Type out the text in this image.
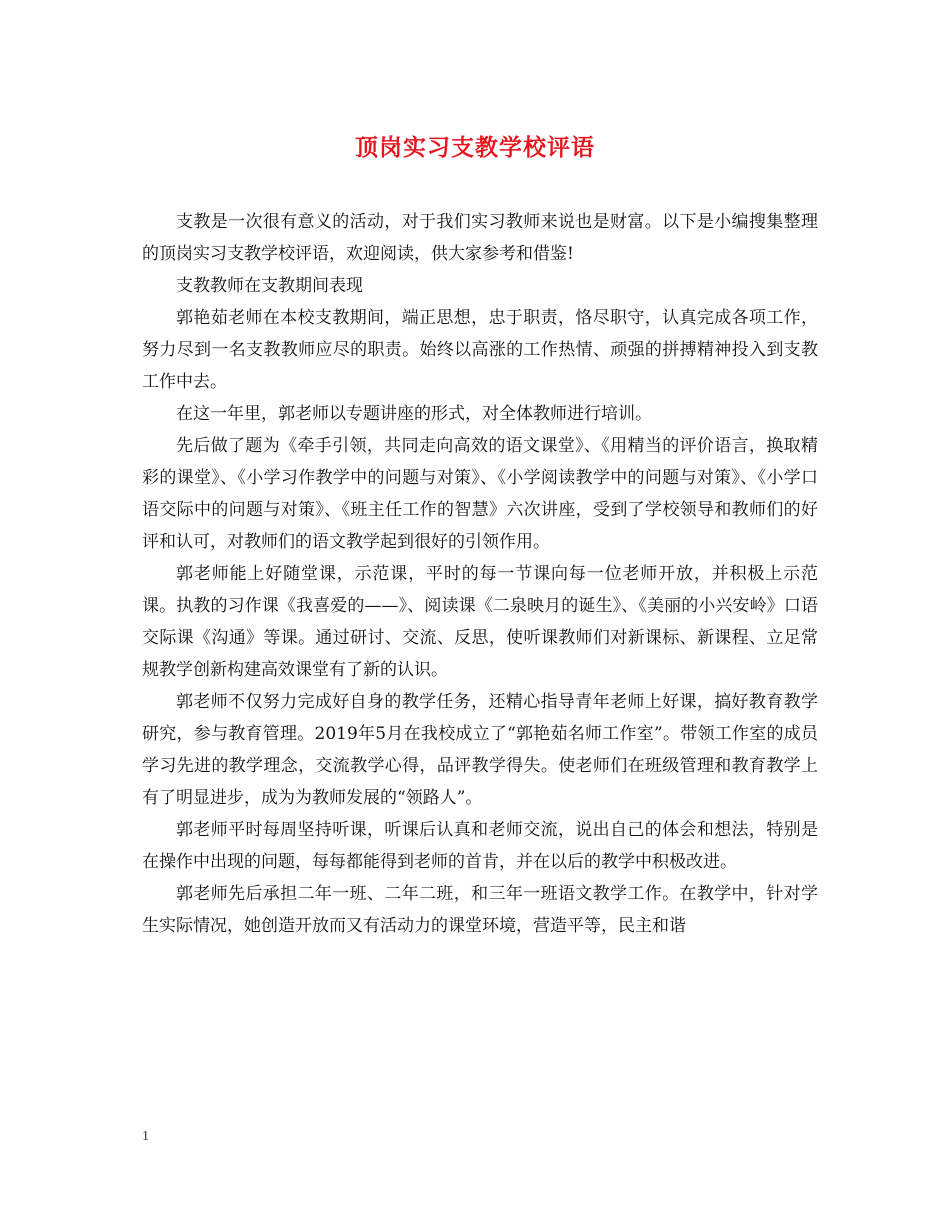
顶岗实习支教学校评语

支教是一次很有意义的活动，对于我们实习教师来说也是财富。以下是小编搜集整理的顶岗实习支教学校评语，欢迎阅读，供大家参考和借鉴!

支教教师在支教期间表现

郭艳茹老师在本校支教期间，端正思想，忠于职责，恪尽职守，认真完成各项工作，努力尽到一名支教教师应尽的职责。始终以高涨的工作热情、顽强的拼搏精神投入到支教工作中去。

在这一年里，郭老师以专题讲座的形式，对全体教师进行培训。

先后做了题为《牵手引领，共同走向高效的语文课堂》、《用精当的评价语言，换取精彩的课堂》、《小学习作教学中的问题与对策》、《小学阅读教学中的问题与对策》、《小学口语交际中的问题与对策》、《班主任工作的智慧》六次讲座，受到了学校领导和教师们的好评和认可，对教师们的语文教学起到很好的引领作用。

郭老师能上好随堂课，示范课，平时的每一节课向每一位老师开放，并积极上示范课。执教的习作课《我喜爱的——》、阅读课《二泉映月的诞生》、《美丽的小兴安岭》口语交际课《沟通》等课。通过研讨、交流、反思，使听课教师们对新课标、新课程、立足常规教学创新构建高效课堂有了新的认识。

郭老师不仅努力完成好自身的教学任务，还精心指导青年老师上好课，搞好教育教学研究，参与教育管理。2019年5月在我校成立了“郭艳茹名师工作室”。带领工作室的成员学习先进的教学理念，交流教学心得，品评教学得失。使老师们在班级管理和教育教学上有了明显进步，成为为教师发展的“领路人”。

郭老师平时每周坚持听课，听课后认真和老师交流，说出自己的体会和想法，特别是在操作中出现的问题，每每都能得到老师的首肯，并在以后的教学中积极改进。

郭老师先后承担二年一班、二年二班，和三年一班语文教学工作。在教学中，针对学生实际情况，她创造开放而又有活动力的课堂环境，营造平等，民主和谐

1
